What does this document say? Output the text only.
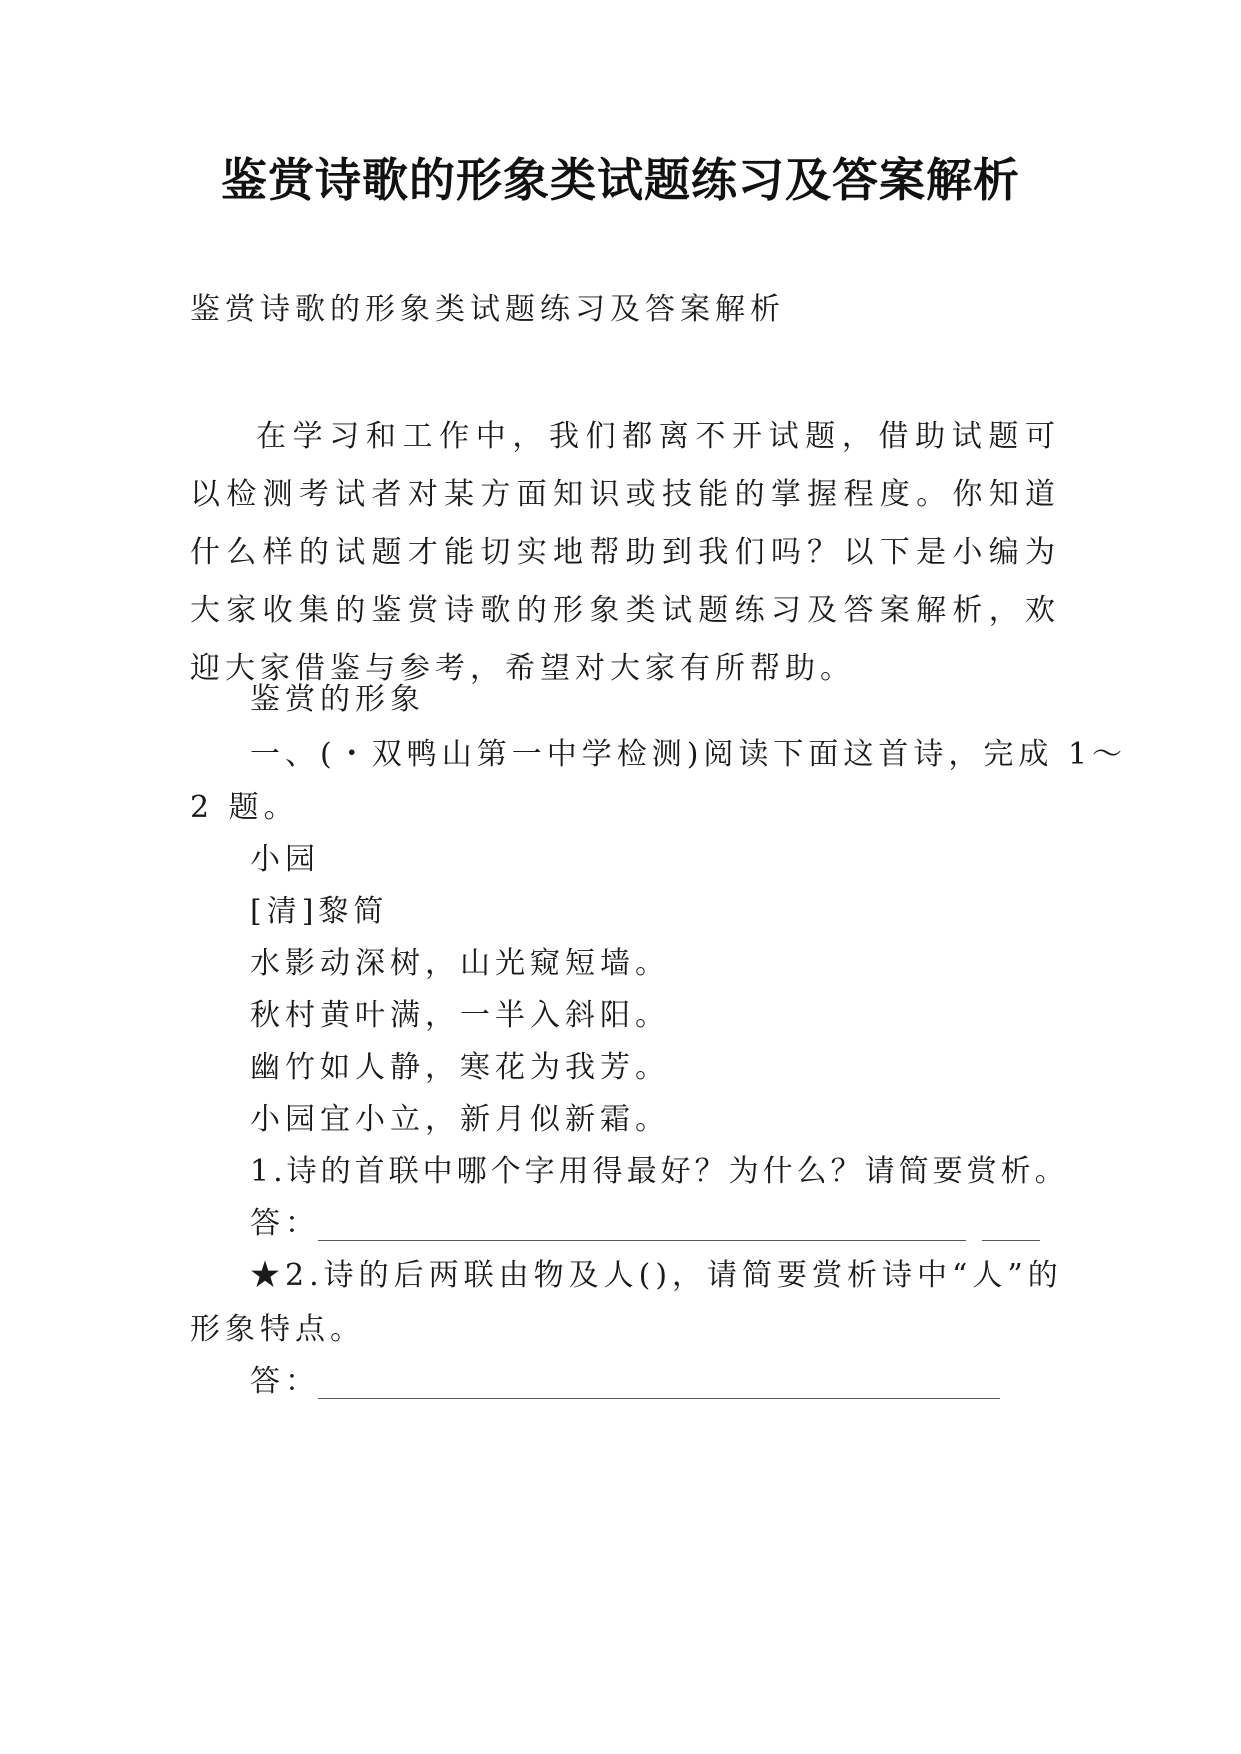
鉴赏诗歌的形象类试题练习及答案解析
鉴赏诗歌的形象类试题练习及答案解析
在学习和工作中，我们都离不开试题，借助试题可以检测考试者对某方面知识或技能的掌握程度。你知道什么样的试题才能切实地帮助到我们吗？以下是小编为大家收集的鉴赏诗歌的形象类试题练习及答案解析，欢迎大家借鉴与参考，希望对大家有所帮助。
鉴赏的形象
一、(・双鸭山第一中学检测)阅读下面这首诗，完成 1～
2 题。
小园
[清]黎简
水影动深树，山光窥短墙。
秋村黄叶满，一半入斜阳。
幽竹如人静，寒花为我芳。
小园宜小立，新月似新霜。
1.诗的首联中哪个字用得最好？为什么？请简要赏析。
答：
★2.诗的后两联由物及人()，请简要赏析诗中“人”的
形象特点。
答：
